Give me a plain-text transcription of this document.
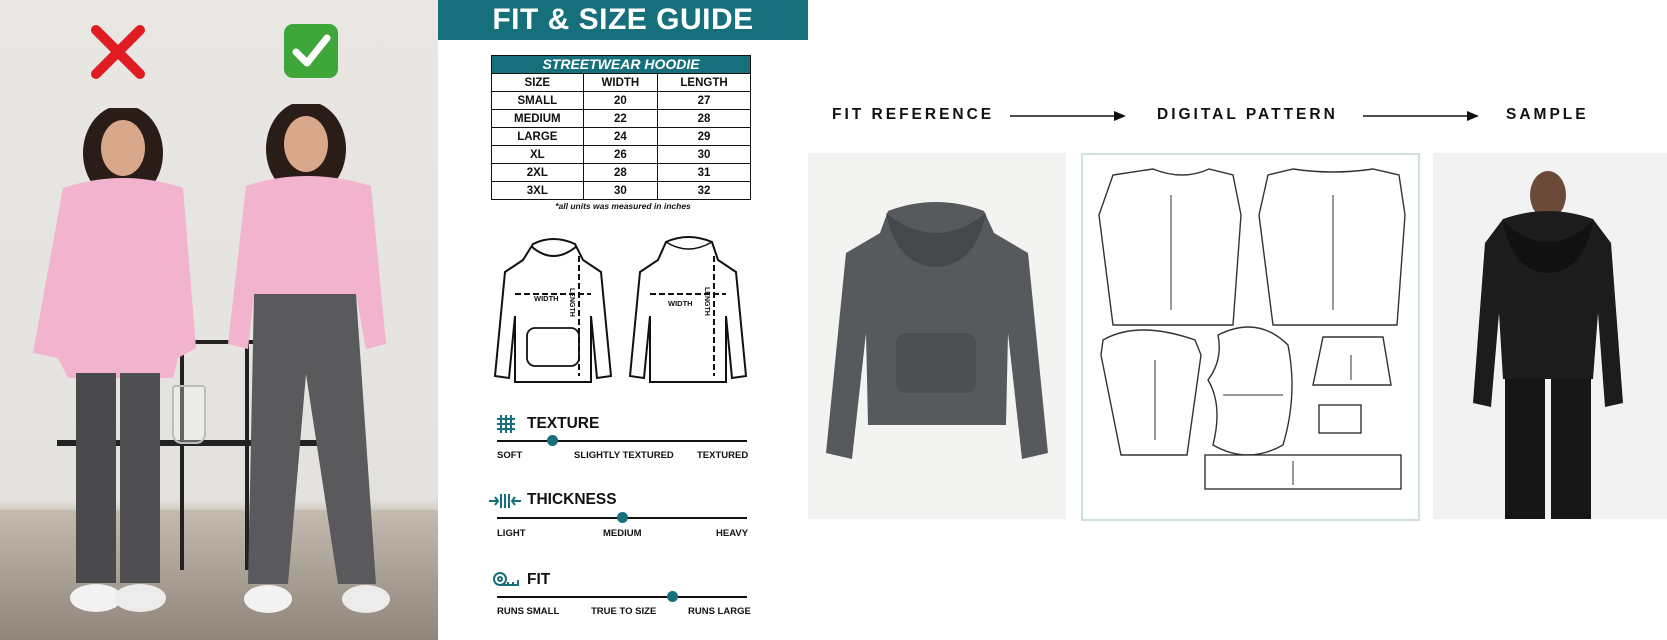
FIT & SIZE GUIDE
STREETWEAR HOODIE
SIZE	WIDTH	LENGTH
SMALL	20	27
MEDIUM	22	28
LARGE	24	29
XL	26	30
2XL	28	31
3XL	30	32
*all units was measured in inches
WIDTH
WIDTH
LENGTH	LENGTH
TEXTURE
SOFT	SLIGHTLY TEXTURED TEXTURED
THICKNESS
LIGHT	MEDIUM	HEAVY
FIT
RUNS SMALL	TRUE TO SIZE	RUNS LARGE
FIT REFERENCE	DIGITAL PATTERN	SAMPLE
